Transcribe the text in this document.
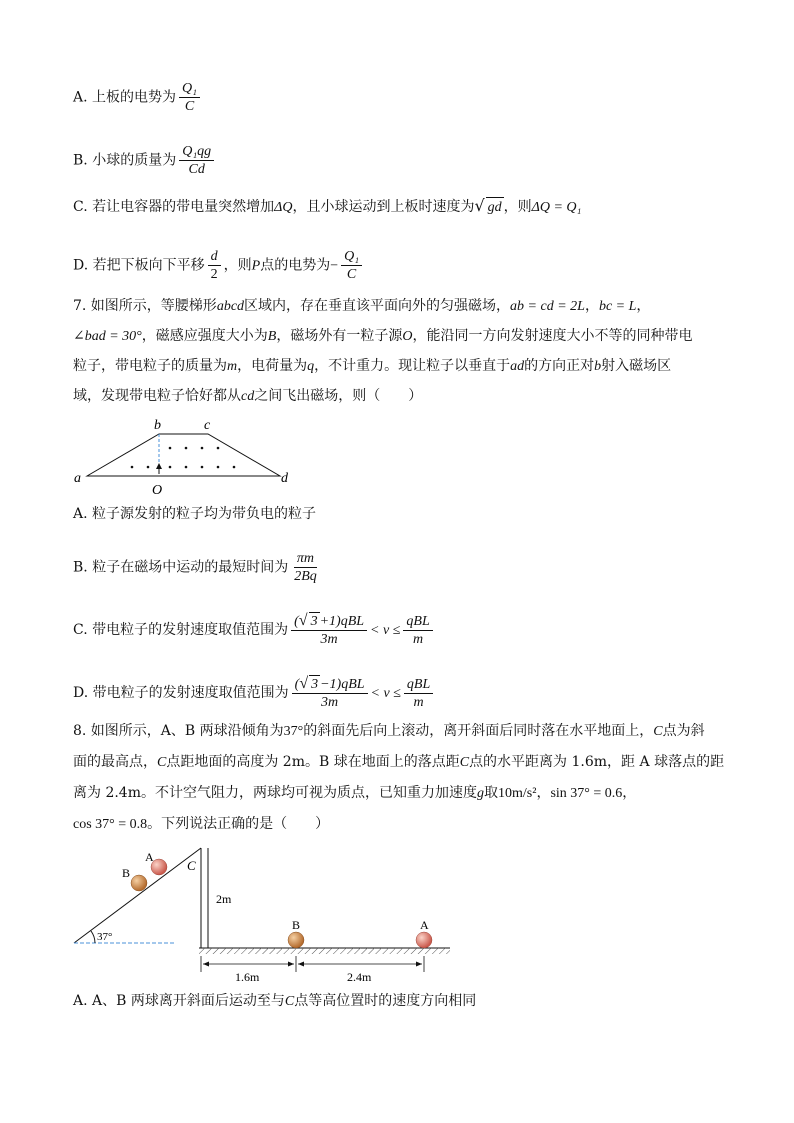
A. 上板的电势为 $\frac{\text{Q₁}}{C}$
B. 小球的质量为 $\frac{\text{Q₁qg}}{Cd}$
C. 若让电容器的带电量突然增加ΔQ，且小球运动到上板时速度为√ gd ，则ΔQ = Q₁
D. 若把下板向下平移 $\frac{d}{2}$ ，则P点的电势为− $\frac{\text{Q₁}}{C}$
7. 如图所示，等腰梯形abcd区域内，存在垂直该平面向外的匀强磁场，ab = cd = 2L，bc = L，
∠bad = 30°，磁感应强度大小为B，磁场外有一粒子源O，能沿同一方向发射速度大小不等的同种带电
粒子，带电粒子的质量为m，电荷量为q，不计重力。现让粒子以垂直于ad的方向正对b射入磁场区
域，发现带电粒子恰好都从cd之间飞出磁场，则（　　）
a
b	c
d
O
A. 粒子源发射的粒子均为带负电的粒子
B. 粒子在磁场中运动的最短时间为 $\frac{\pi m}{2Bq}$
C. 带电粒子的发射速度取值范围为 $\frac{\text{(√ 3 +1)qBL}}{3m} < v \le \frac{\text{qBL}}{m}$
D. 带电粒子的发射速度取值范围为 $\frac{\text{(√ 3 −1)qBL}}{3m} < v \le \frac{\text{qBL}}{m}$
8. 如图所示，A、B 两球沿倾角为37°的斜面先后向上滚动，离开斜面后同时落在水平地面上，C点为斜
面的最高点，C点距地面的高度为 2m。B 球在地面上的落点距C点的水平距离为 1.6m，距 A 球落点的距
离为 2.4m。不计空气阻力，两球均可视为质点，已知重力加速度g取10m/s²，sin 37° = 0.6，
cos 37° = 0.8。下列说法正确的是（　　）
37°
A
B	C
2m
B	A
1.6m	2.4m
A. A、B 两球离开斜面后运动至与C点等高位置时的速度方向相同
